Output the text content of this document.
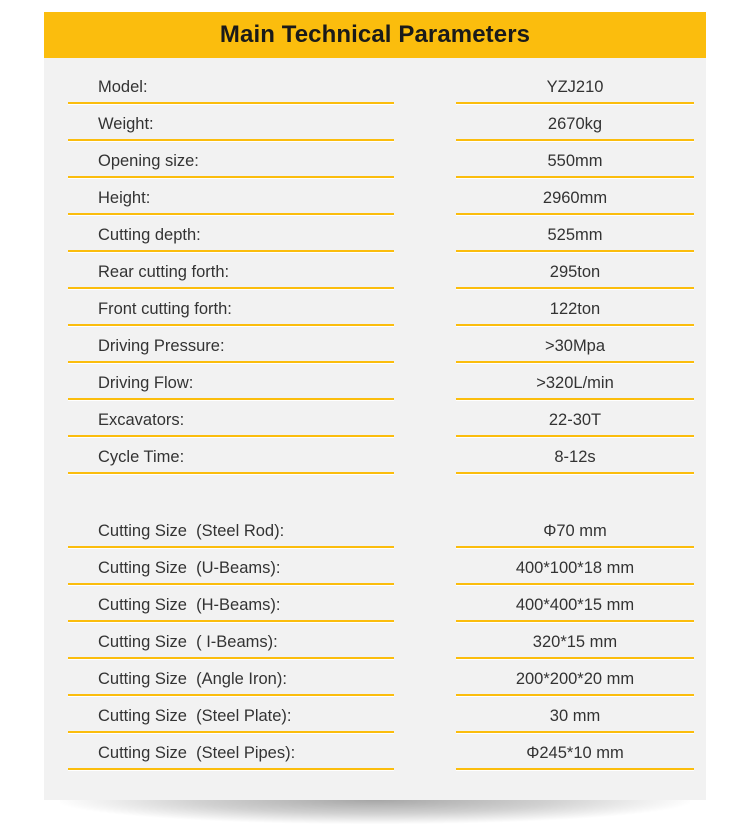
Main Technical Parameters
Model:	YZJ210
Weight:	2670kg
Opening size:	550mm
Height:	2960mm
Cutting depth:	525mm
Rear cutting forth:	295ton
Front cutting forth:	122ton
Driving Pressure:	>30Mpa
Driving Flow:	>320L/min
Excavators:	22-30T
Cycle Time:	8-12s
Cutting Size  (Steel Rod):	Φ70 mm
Cutting Size  (U-Beams):	400*100*18 mm
Cutting Size  (H-Beams):	400*400*15 mm
Cutting Size  ( I-Beams):	320*15 mm
Cutting Size  (Angle Iron):	200*200*20 mm
Cutting Size  (Steel Plate):	30 mm
Cutting Size  (Steel Pipes):	Φ245*10 mm
